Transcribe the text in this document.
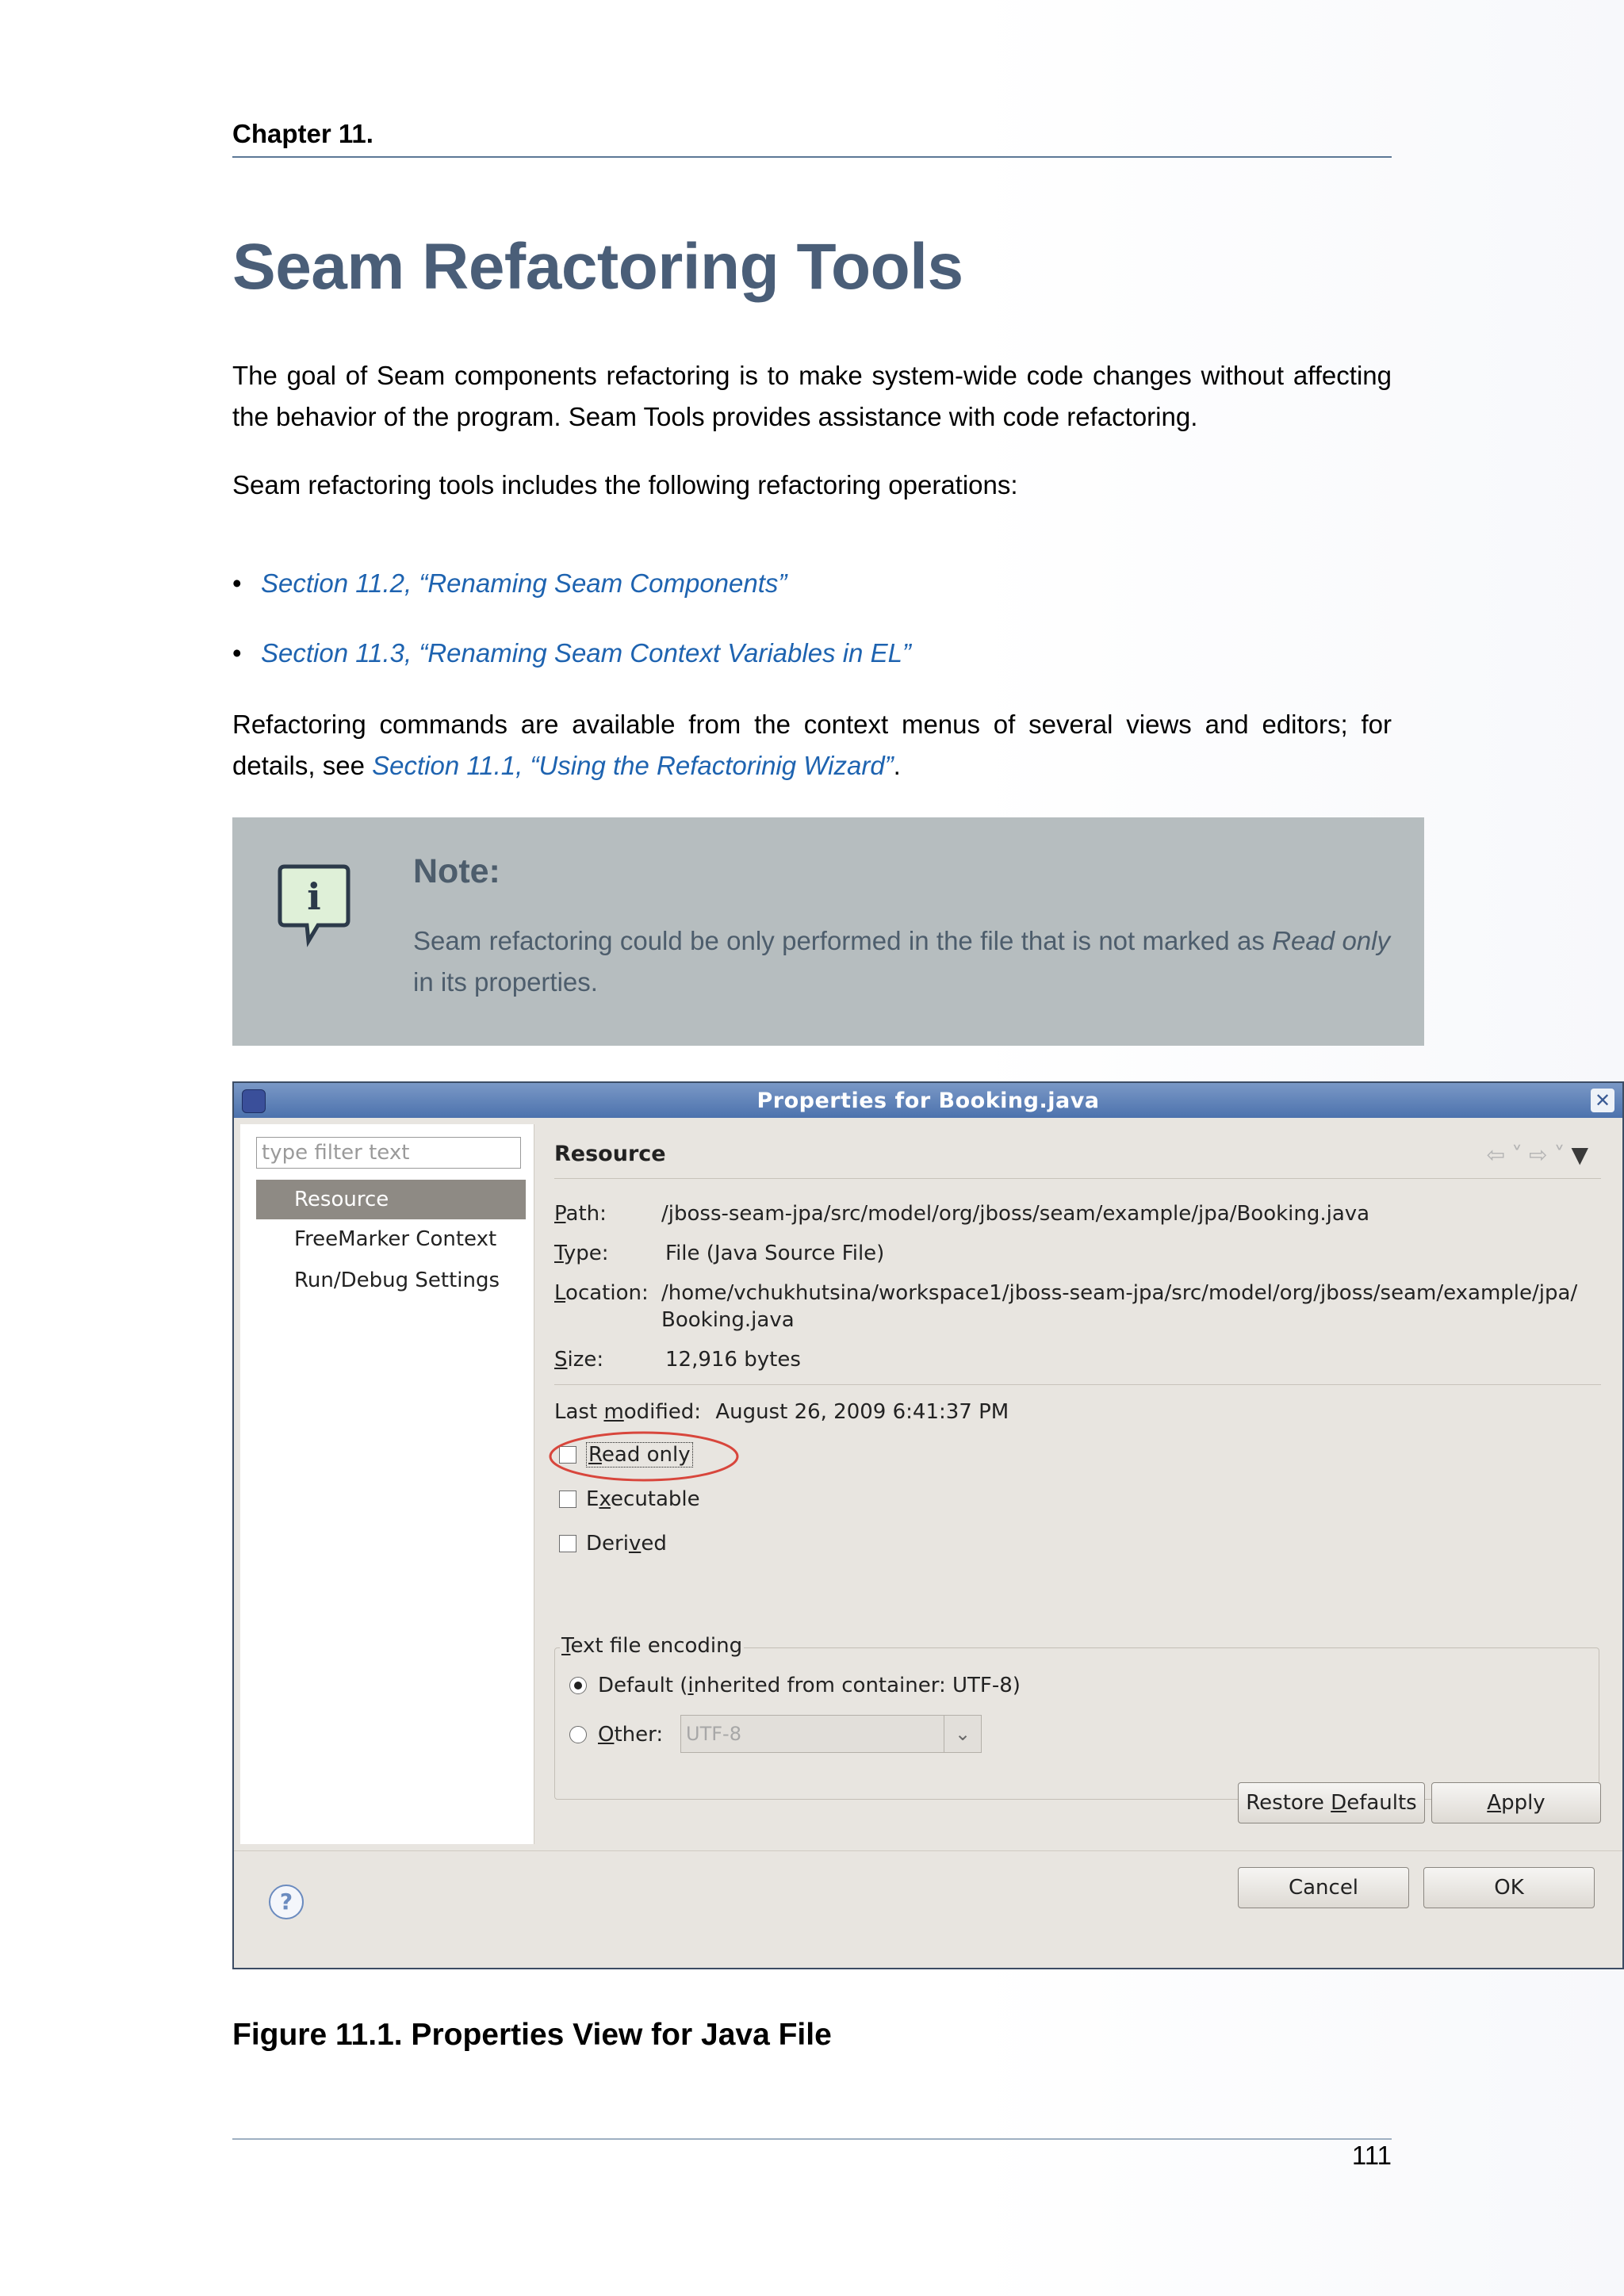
Chapter 11.
Seam Refactoring Tools

The goal of Seam components refactoring is to make system-wide code changes without affecting the behavior of the program. Seam Tools provides assistance with code refactoring.

Seam refactoring tools includes the following refactoring operations:

• Section 11.2, “Renaming Seam Components”
• Section 11.3, “Renaming Seam Context Variables in EL”

Refactoring commands are available from the context menus of several views and editors; for details, see Section 11.1, “Using the Refactorinig Wizard”.

i
Note:

Seam refactoring could be only performed in the file that is not marked as Read only in its properties.

Properties for Booking.java	✕
type filter text
Resource
FreeMarker Context
Run/Debug Settings
Resource	⇦˅⇨˅▼
Path:	/jboss-seam-jpa/src/model/org/jboss/seam/example/jpa/Booking.java
Type:	File (Java Source File)
Location: /home/vchukhutsina/workspace1/jboss-seam-jpa/src/model/org/jboss/seam/example/jpa/
Booking.java
Size:	12,916 bytes
Last modified: August 26, 2009 6:41:37 PM
Read only
Executable
Derived
Text file encoding
Default (inherited from container: UTF-8)
Other: UTF-8	⌄
Restore Defaults	Apply
?
Cancel	OK
Figure 11.1. Properties View for Java File
111
